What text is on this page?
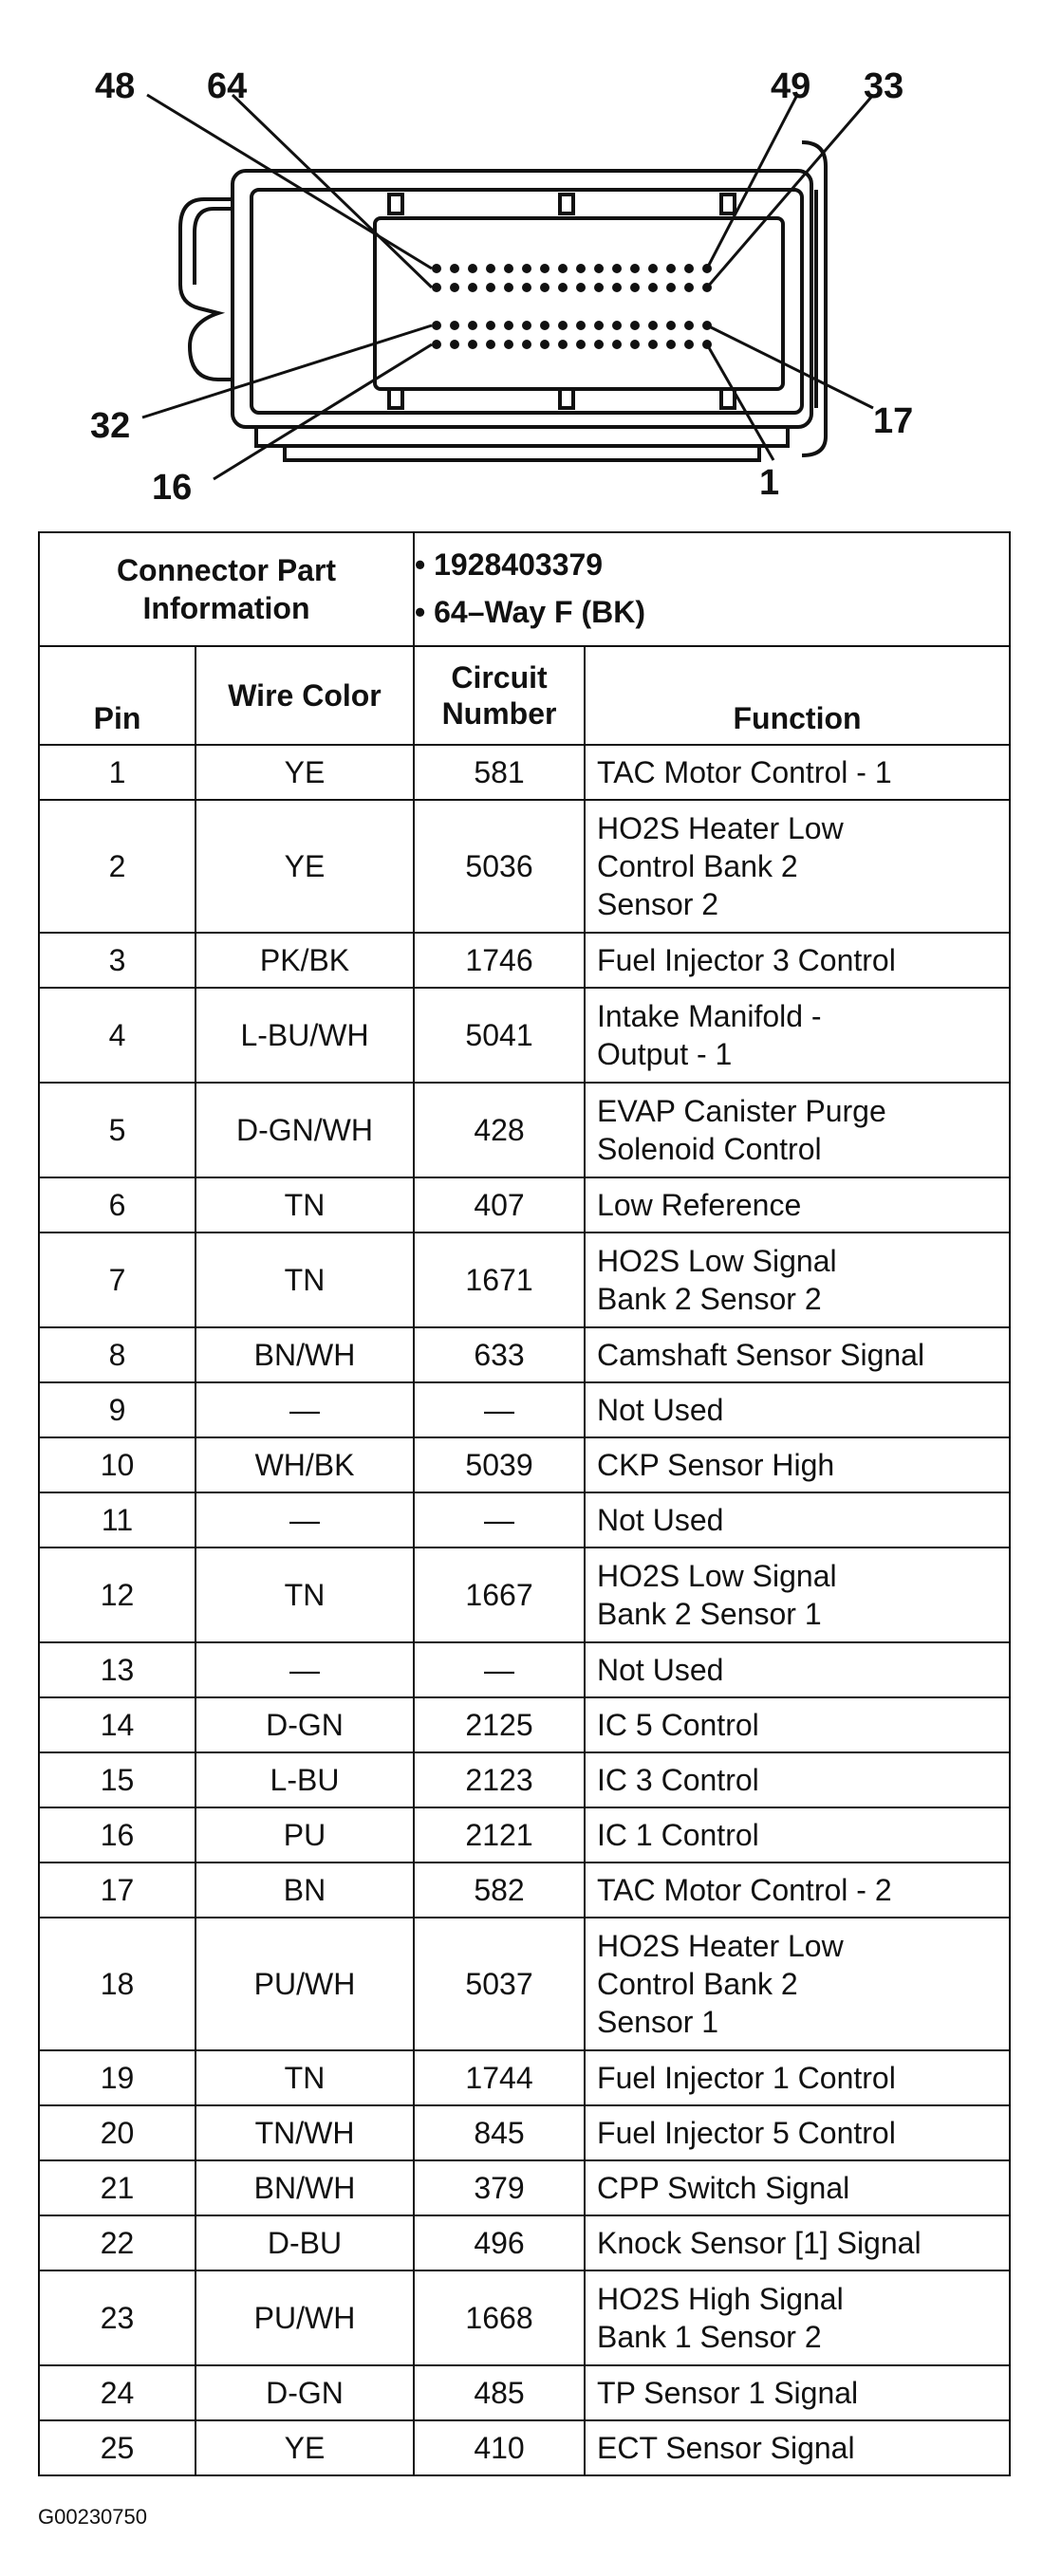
48 64	49 33
32	17
16	1
Connector Part Information		• 1928403379
• 64–Way F (BK)	

Pin	Wire Color	Circuit Number	Function
1	YE	581	TAC Motor Control - 1
2	YE	5036	HO2S Heater Low
Control Bank 2
Sensor 2
3	PK/BK	1746	Fuel Injector 3 Control
4	L-BU/WH	5041	Intake Manifold -
Output - 1
5	D-GN/WH	428	EVAP Canister Purge
Solenoid Control
6	TN	407	Low Reference
7	TN	1671	HO2S Low Signal
Bank 2 Sensor 2
8	BN/WH	633	Camshaft Sensor Signal
9	—	—	Not Used
10	WH/BK	5039	CKP Sensor High
11	—	—	Not Used
12	TN	1667	HO2S Low Signal
Bank 2 Sensor 1
13	—	—	Not Used
14	D-GN	2125	IC 5 Control
15	L-BU	2123	IC 3 Control
16	PU	2121	IC 1 Control
17	BN	582	TAC Motor Control - 2
18	PU/WH	5037	HO2S Heater Low
Control Bank 2
Sensor 1
19	TN	1744	Fuel Injector 1 Control
20	TN/WH	845	Fuel Injector 5 Control
21	BN/WH	379	CPP Switch Signal
22	D-BU	496	Knock Sensor [1] Signal
23	PU/WH	1668	HO2S High Signal
Bank 1 Sensor 2
24	D-GN	485	TP Sensor 1 Signal
25	YE	410	ECT Sensor Signal
G00230750
